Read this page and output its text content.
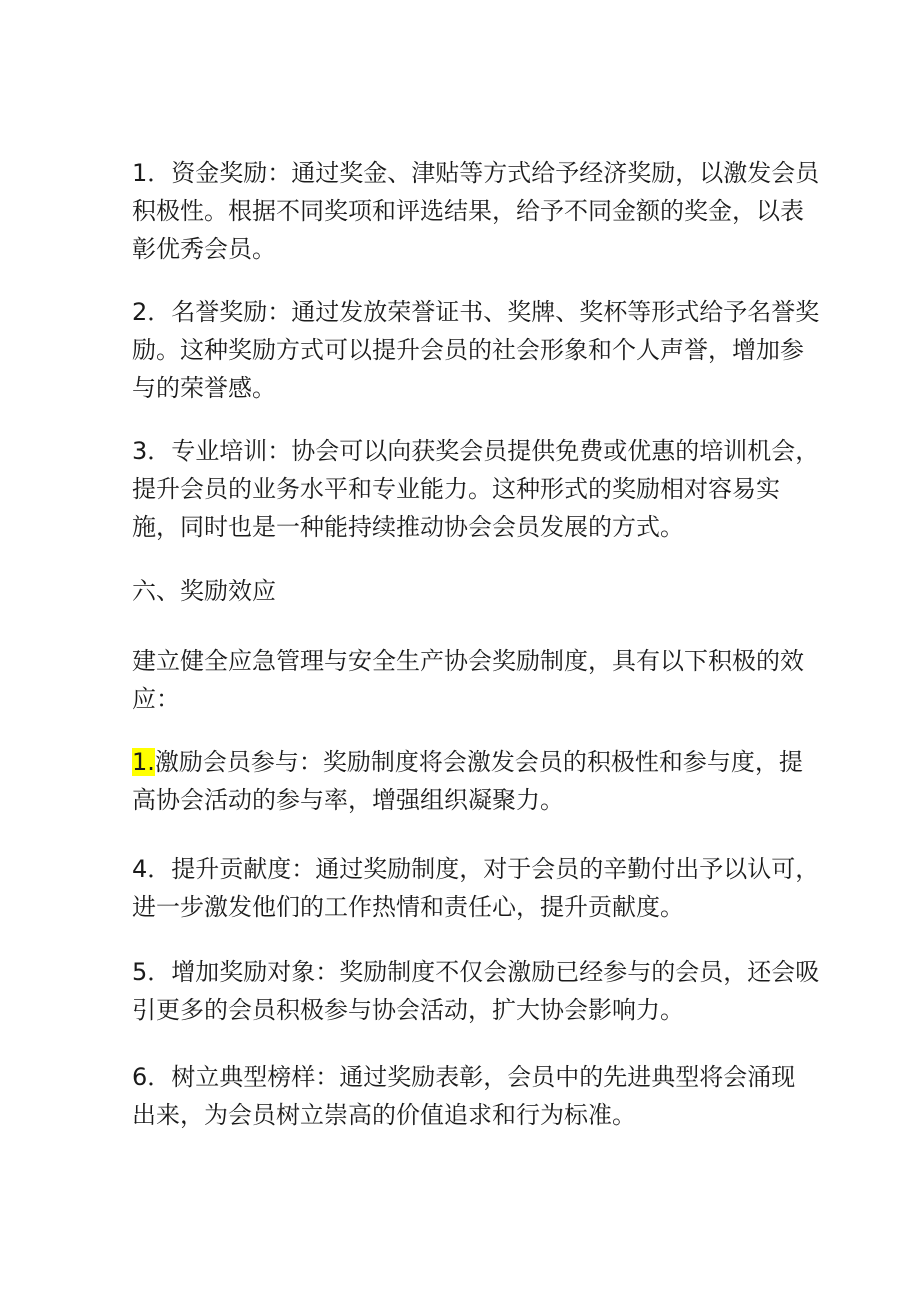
1．资金奖励：通过奖金、津贴等方式给予经济奖励，以激发会员

积极性。根据不同奖项和评选结果，给予不同金额的奖金，以表

彰优秀会员。

2．名誉奖励：通过发放荣誉证书、奖牌、奖杯等形式给予名誉奖

励。这种奖励方式可以提升会员的社会形象和个人声誉，增加参

与的荣誉感。

3．专业培训：协会可以向获奖会员提供免费或优惠的培训机会，

提升会员的业务水平和专业能力。这种形式的奖励相对容易实

施，同时也是一种能持续推动协会会员发展的方式。

六、奖励效应

建立健全应急管理与安全生产协会奖励制度，具有以下积极的效

应：

1.激励会员参与：奖励制度将会激发会员的积极性和参与度，提

高协会活动的参与率，增强组织凝聚力。

4．提升贡献度：通过奖励制度，对于会员的辛勤付出予以认可，

进一步激发他们的工作热情和责任心，提升贡献度。

5．增加奖励对象：奖励制度不仅会激励已经参与的会员，还会吸

引更多的会员积极参与协会活动，扩大协会影响力。

6．树立典型榜样：通过奖励表彰，会员中的先进典型将会涌现

出来，为会员树立崇高的价值追求和行为标准。
